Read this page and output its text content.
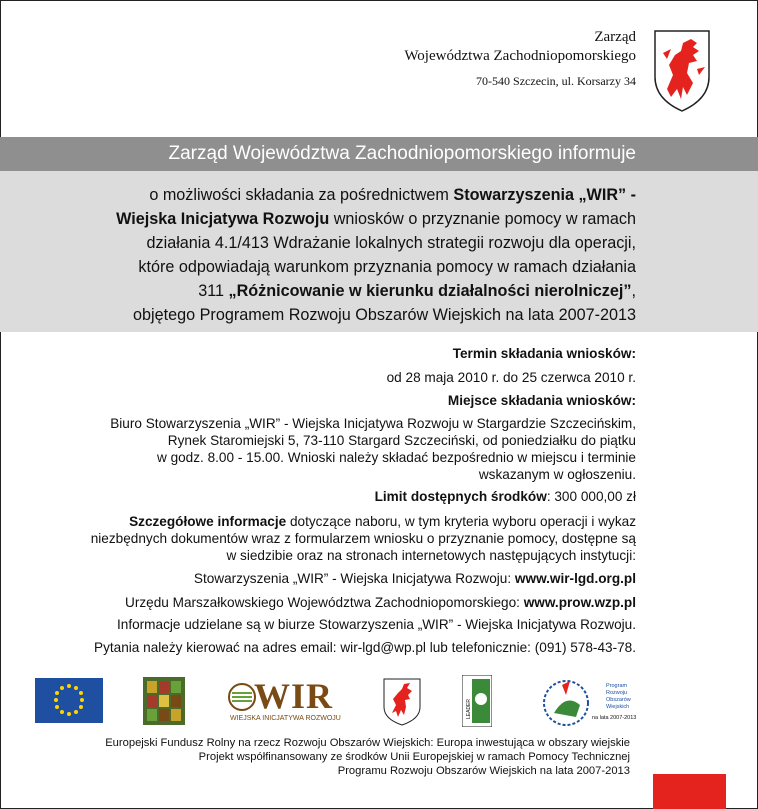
Zarząd
Województwa Zachodniopomorskiego
70-540 Szczecin, ul. Korsarzy 34
Zarząd Województwa Zachodniopomorskiego informuje
o możliwości składania za pośrednictwem Stowarzyszenia „WIR” -
Wiejska Inicjatywa Rozwoju wniosków o przyznanie pomocy w ramach
działania 4.1/413 Wdrażanie lokalnych strategii rozwoju dla operacji,
które odpowiadają warunkom przyznania pomocy w ramach działania
311 „Różnicowanie w kierunku działalności nierolniczej”,
objętego Programem Rozwoju Obszarów Wiejskich na lata 2007-2013
Termin składania wniosków:
od 28 maja 2010 r. do 25 czerwca 2010 r.
Miejsce składania wniosków:
Biuro Stowarzyszenia „WIR” - Wiejska Inicjatywa Rozwoju w Stargardzie Szczecińskim,
Rynek Staromiejski 5, 73-110 Stargard Szczeciński, od poniedziałku do piątku
w godz. 8.00 - 15.00. Wnioski należy składać bezpośrednio w miejscu i terminie
wskazanym w ogłoszeniu.
Limit dostępnych środków: 300 000,00 zł
Szczegółowe informacje dotyczące naboru, w tym kryteria wyboru operacji i wykaz
niezbędnych dokumentów wraz z formularzem wniosku o przyznanie pomocy, dostępne są
w siedzibie oraz na stronach internetowych następujących instytucji:
Stowarzyszenia „WIR” - Wiejska Inicjatywa Rozwoju: www.wir-lgd.org.pl
Urzędu Marszałkowskiego Województwa Zachodniopomorskiego: www.prow.wzp.pl
Informacje udzielane są w biurze Stowarzyszenia „WIR” - Wiejska Inicjatywa Rozwoju.
Pytania należy kierować na adres email: wir-lgd@wp.pl lub telefonicznie: (091) 578-43-78.
WIR
WIEJSKA INICJATYWA ROZWOJU	LEADER
Program
Rozwoju
Obszarów
Wiejskich
na lata 2007-2013
Europejski Fundusz Rolny na rzecz Rozwoju Obszarów Wiejskich: Europa inwestująca w obszary wiejskie
Projekt współfinansowany ze środków Unii Europejskiej w ramach Pomocy Technicznej
Programu Rozwoju Obszarów Wiejskich na lata 2007-2013
